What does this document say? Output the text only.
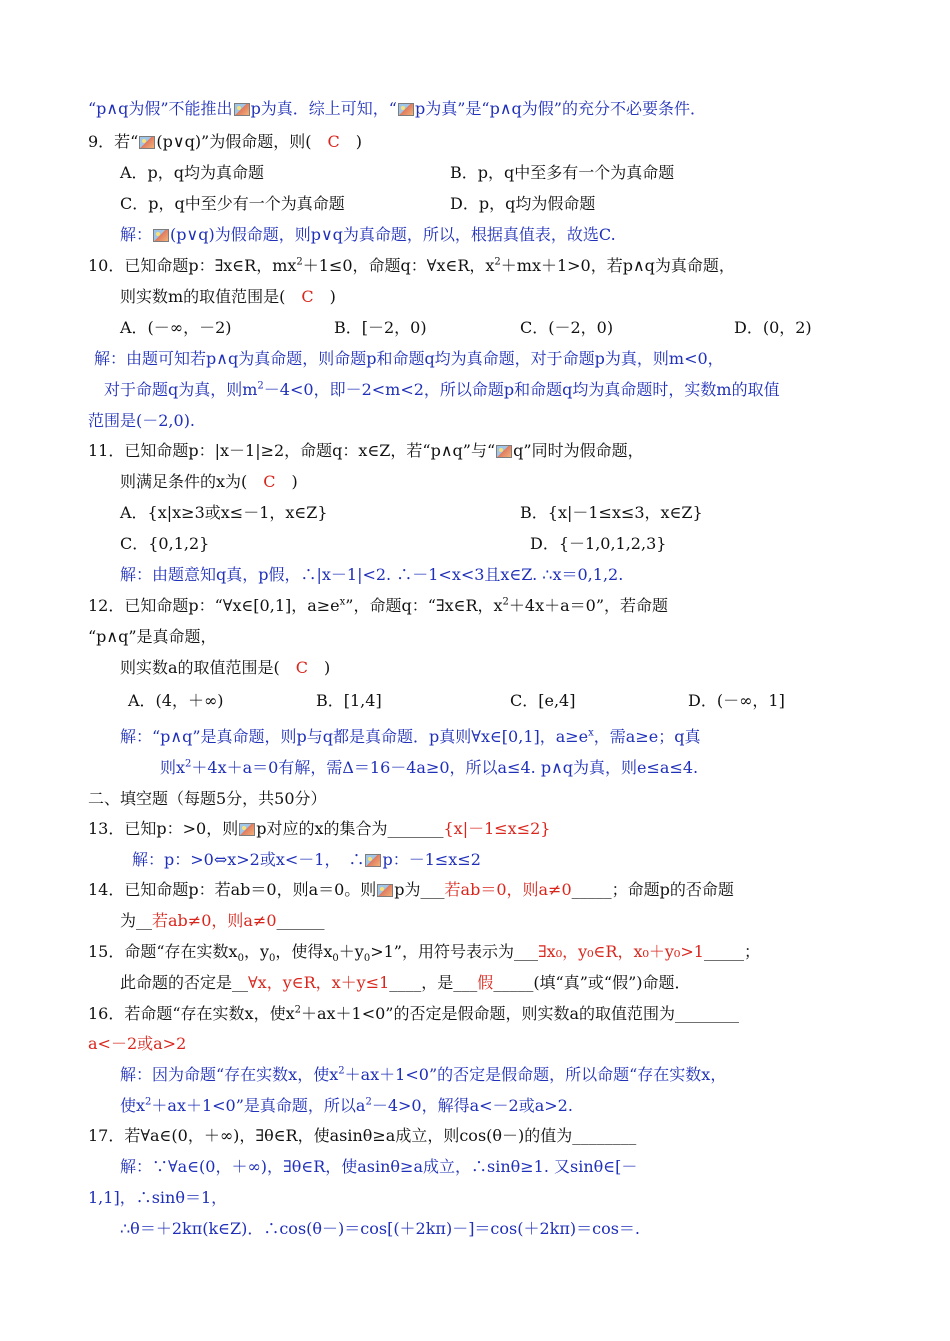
“p∧q为假”不能推出 p为真．综上可知，“ p为真”是“p∧q为假”的充分不必要条件．
9．若“ (p∨q)”为假命题，则(　C　)
A．p，q均为真命题	B．p，q中至多有一个为真命题
C．p，q中至少有一个为真命题	D．p，q均为假命题
解： (p∨q)为假命题，则p∨q为真命题，所以，根据真值表，故选C.
10．已知命题p：∃x∈R，$mx^2+1\le 0$，命题q：∀x∈R，$x^2+mx+1>0$，若p∧q为真命题，
则实数m的取值范围是(　C　)
A．(－∞，－2)	B．[－2，0)	C．(－2，0)	D．(0，2)
解：由题可知若p∧q为真命题，则命题p和命题q均为真命题，对于命题p为真，则m<0，
对于命题q为真，则$m^2-4<0$，即－2<m<2，所以命题p和命题q均为真命题时，实数m的取值
范围是(－2,0).
11．已知命题p：|x－1|≥2，命题q：x∈Z，若“p∧q”与“ q”同时为假命题，
则满足条件的x为(　C　)
A．{x|x≥3或x≤－1，x∈Z}	B．{x|－1≤x≤3，x∈Z}
C．{0,1,2}	D．{－1,0,1,2,3}
解：由题意知q真，p假，∴|x－1|<2. ∴－1<x<3且x∈Z. ∴x＝0,1,2.
12．已知命题p：“∀x∈[0,1]，$a\ge e^x$”，命题q：“∃x∈R，$x^2+4x+a=0$”，若命题
“p∧q”是真命题，
则实数a的取值范围是(　C　)
A．(4，＋∞)	B．[1,4]	C．[e,4]	D．(－∞，1]
解：“p∧q”是真命题，则p与q都是真命题．p真则∀x∈[0,1]，$a\ge e^x$，需a≥e；q真
则$x^2+4x+a=0$有解，需Δ＝16－4a≥0，所以a≤4. p∧q为真，则e≤a≤4.
二、填空题（每题5分，共50分）
13．已知p：>0，则 p对应的x的集合为_______{x|－1≤x≤2}
解：p：>0⇔x>2或x<－1，　∴ p：－1≤x≤2
14．已知命题p：若ab＝0，则a＝0。则 p为___若ab＝0，则a≠0_____；命题p的否命题
为__若ab≠0，则a≠0______
15．命题“存在实数$x_0$，$y_0$，使得$x_0+y_0>1$”，用符号表示为___∃x₀，y₀∈R，x₀＋y₀>1_____；
此命题的否定是__∀x，y∈R，x＋y≤1____，是___假_____(填“真”或“假”)命题．
16．若命题“存在实数x，使$x^2+ax+1<0$”的否定是假命题，则实数a的取值范围为________
a<－2或a>2
解：因为命题“存在实数x，使$x^2+ax+1<0$”的否定是假命题，所以命题“存在实数x，
使$x^2+ax+1<0$”是真命题，所以$a^2-4>0$，解得a<－2或a>2.
17．若∀a∈(0，＋∞)，∃θ∈R，使asinθ≥a成立，则cos(θ－)的值为________
解：∵∀a∈(0，＋∞)，∃θ∈R，使asinθ≥a成立，∴sinθ≥1. 又sinθ∈[－
1,1]，∴sinθ＝1，
∴θ＝＋2kπ(k∈Z)．∴cos(θ－)＝cos[(＋2kπ)－]＝cos(＋2kπ)＝cos＝.
